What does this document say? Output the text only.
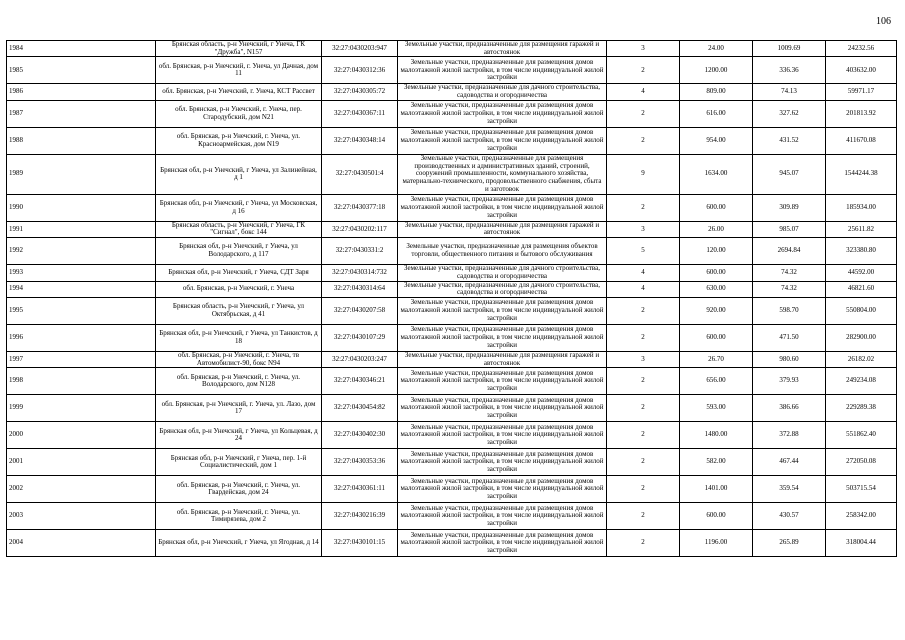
106
1984	Брянская область, р-н Унечский, г Унеча, ГК "Дружба", N157	32:27:0430203:947	Земельные участки, предназначенные для размещения гаражей и автостоянок	3	24.00	1009.69	24232.56
1985	обл. Брянская, р-н Унечский, г. Унеча, ул Дачная, дом 11	32:27:0430312:36	Земельные участки, предназначенные для размещения домов малоэтажной жилой застройки, в том числе индивидуальной жилой застройки	2	1200.00	336.36	403632.00
1986	обл. Брянская, р-н Унечский, г. Унеча, КСТ Рассвет	32:27:0430305:72	Земельные участки, предназначенные для дачного строительства, садоводства и огородничества	4	809.00	74.13	59971.17
1987	обл. Брянская, р-н Унечский, г. Унеча, пер. Стародубский, дом N21	32:27:0430367:11	Земельные участки, предназначенные для размещения домов малоэтажной жилой застройки, в том числе индивидуальной жилой застройки	2	616.00	327.62	201813.92
1988	обл. Брянская, р-н Унечский, г. Унеча, ул. Красноармейская, дом N19	32:27:0430348:14	Земельные участки, предназначенные для размещения домов малоэтажной жилой застройки, в том числе индивидуальной жилой застройки	2	954.00	431.52	411670.08
1989	Брянская обл, р-н Унечский, г Унеча, ул Залинейная, д 1	32:27:0430501:4	Земельные участки, предназначенные для размещения производственных и административных зданий, строений, сооружений промышленности, коммунального хозяйства, материально-технического, продовольственного снабжения, сбыта и заготовок	9	1634.00	945.07	1544244.38
1990	Брянская обл, р-н Унечский, г Унеча, ул Московская, д 16	32:27:0430377:18	Земельные участки, предназначенные для размещения домов малоэтажной жилой застройки, в том числе индивидуальной жилой застройки	2	600.00	309.89	185934.00
1991	Брянская область, р-н Унечский, г Унеча, ГК "Сигнал", бокс 144	32:27:0430202:117	Земельные участки, предназначенные для размещения гаражей и автостоянок	3	26.00	985.07	25611.82
1992	Брянская обл, р-н Унечский, г Унеча, ул Володарского, д 117	32:27:0430331:2	Земельные участки, предназначенные для размещения объектов торговли, общественного питания и бытового обслуживания	5	120.00	2694.84	323380.80
1993	Брянская обл, р-н Унечский, г Унеча, СДТ Заря	32:27:0430314:732	Земельные участки, предназначенные для дачного строительства, садоводства и огородничества	4	600.00	74.32	44592.00
1994	обл. Брянская, р-н Унечский, г. Унеча	32:27:0430314:64	Земельные участки, предназначенные для дачного строительства, садоводства и огородничества	4	630.00	74.32	46821.60
1995	Брянская область, р-н Унечский, г Унеча, ул Октябрьская, д 41	32:27:0430207:58	Земельные участки, предназначенные для размещения домов малоэтажной жилой застройки, в том числе индивидуальной жилой застройки	2	920.00	598.70	550804.00
1996	Брянская обл, р-н Унечский, г Унеча, ул Танкистов, д 18	32:27:0430107:29	Земельные участки, предназначенные для размещения домов малоэтажной жилой застройки, в том числе индивидуальной жилой застройки	2	600.00	471.50	282900.00
1997	обл. Брянская, р-н Унечский, г. Унеча, тв Автомобилист-90, бокс N94	32:27:0430203:247	Земельные участки, предназначенные для размещения гаражей и автостоянок	3	26.70	980.60	26182.02
1998	обл. Брянская, р-н Унечский, г. Унеча, ул. Володарского, дом N128	32:27:0430346:21	Земельные участки, предназначенные для размещения домов малоэтажной жилой застройки, в том числе индивидуальной жилой застройки	2	656.00	379.93	249234.08
1999	обл. Брянская, р-н Унечский, г. Унеча, ул. Лазо, дом 17	32:27:0430454:82	Земельные участки, предназначенные для размещения домов малоэтажной жилой застройки, в том числе индивидуальной жилой застройки	2	593.00	386.66	229289.38
2000	Брянская обл, р-н Унечский, г Унеча, ул Кольцевая, д 24	32:27:0430402:30	Земельные участки, предназначенные для размещения домов малоэтажной жилой застройки, в том числе индивидуальной жилой застройки	2	1480.00	372.88	551862.40
2001	Брянская обл, р-н Унечский, г Унеча, пер. 1-й Социалистический, дом 1	32:27:0430353:36	Земельные участки, предназначенные для размещения домов малоэтажной жилой застройки, в том числе индивидуальной жилой застройки	2	582.00	467.44	272050.08
2002	обл. Брянская, р-н Унечский, г. Унеча, ул. Гвардейская, дом 24	32:27:0430361:11	Земельные участки, предназначенные для размещения домов малоэтажной жилой застройки, в том числе индивидуальной жилой застройки	2	1401.00	359.54	503715.54
2003	обл. Брянская, р-н Унечский, г. Унеча, ул. Тимирязева, дом 2	32:27:0430216:39	Земельные участки, предназначенные для размещения домов малоэтажной жилой застройки, в том числе индивидуальной жилой застройки	2	600.00	430.57	258342.00
2004	Брянская обл, р-н Унечский, г Унеча, ул Ягодная, д 14	32:27:0430101:15	Земельные участки, предназначенные для размещения домов малоэтажной жилой застройки, в том числе индивидуальной жилой застройки	2	1196.00	265.89	318004.44
